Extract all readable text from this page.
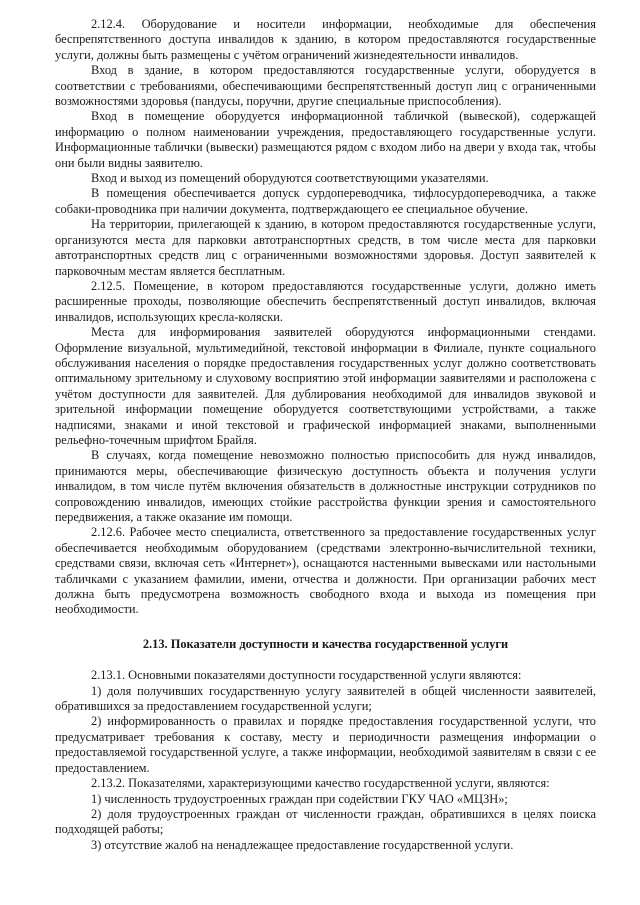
2.12.4. Оборудование и носители информации, необходимые для обеспечения беспрепятственного доступа инвалидов к зданию, в котором предоставляются государственные услуги, должны быть размещены с учётом ограничений жизнедеятельности инвалидов.

Вход в здание, в котором предоставляются государственные услуги, оборудуется в соответствии с требованиями, обеспечивающими беспрепятственный доступ лиц с ограниченными возможностями здоровья (пандусы, поручни, другие специальные приспособления).

Вход в помещение оборудуется информационной табличкой (вывеской), содержащей информацию о полном наименовании учреждения, предоставляющего государственные услуги. Информационные таблички (вывески) размещаются рядом с входом либо на двери у входа так, чтобы они были видны заявителю.

Вход и выход из помещений оборудуются соответствующими указателями.

В помещения обеспечивается допуск сурдопереводчика, тифлосурдопереводчика, а также собаки-проводника при наличии документа, подтверждающего ее специальное обучение.

На территории, прилегающей к зданию, в котором предоставляются государственные услуги, организуются места для парковки автотранспортных средств, в том числе места для парковки автотранспортных средств лиц с ограниченными возможностями здоровья. Доступ заявителей к парковочным местам является бесплатным.

2.12.5. Помещение, в котором предоставляются государственные услуги, должно иметь расширенные проходы, позволяющие обеспечить беспрепятственный доступ инвалидов, включая инвалидов, использующих кресла-коляски.

Места для информирования заявителей оборудуются информационными стендами. Оформление визуальной, мультимедийной, текстовой информации в Филиале, пункте социального обслуживания населения о порядке предоставления государственных услуг должно соответствовать оптимальному зрительному и слуховому восприятию этой информации заявителями и расположена с учётом доступности для заявителей. Для дублирования необходимой для инвалидов звуковой и зрительной информации помещение оборудуется соответствующими устройствами, а также надписями, знаками и иной текстовой и графической информацией знаками, выполненными рельефно-точечным шрифтом Брайля.

В случаях, когда помещение невозможно полностью приспособить для нужд инвалидов, принимаются меры, обеспечивающие физическую доступность объекта и получения услуги инвалидом, в том числе путём включения обязательств в должностные инструкции сотрудников по сопровождению инвалидов, имеющих стойкие расстройства функции зрения и самостоятельного передвижения, а также оказание им помощи.

2.12.6. Рабочее место специалиста, ответственного за предоставление государственных услуг обеспечивается необходимым оборудованием (средствами электронно-вычислительной техники, средствами связи, включая сеть «Интернет»), оснащаются настенными вывесками или настольными табличками с указанием фамилии, имени, отчества и должности. При организации рабочих мест должна быть предусмотрена возможность свободного входа и выхода из помещения при необходимости.

2.13. Показатели доступности и качества государственной услуги

2.13.1. Основными показателями доступности государственной услуги являются:

1) доля получивших государственную услугу заявителей в общей численности заявителей, обратившихся за предоставлением государственной услуги;

2) информированность о правилах и порядке предоставления государственной услуги, что предусматривает требования к составу, месту и периодичности размещения информации о предоставляемой государственной услуге, а также информации, необходимой заявителям в связи с ее предоставлением.

2.13.2. Показателями, характеризующими качество государственной услуги, являются:

1) численность трудоустроенных граждан при содействии ГКУ ЧАО «МЦЗН»;

2) доля трудоустроенных граждан от численности граждан, обратившихся в целях поиска подходящей работы;

3) отсутствие жалоб на ненадлежащее предоставление государственной услуги.
